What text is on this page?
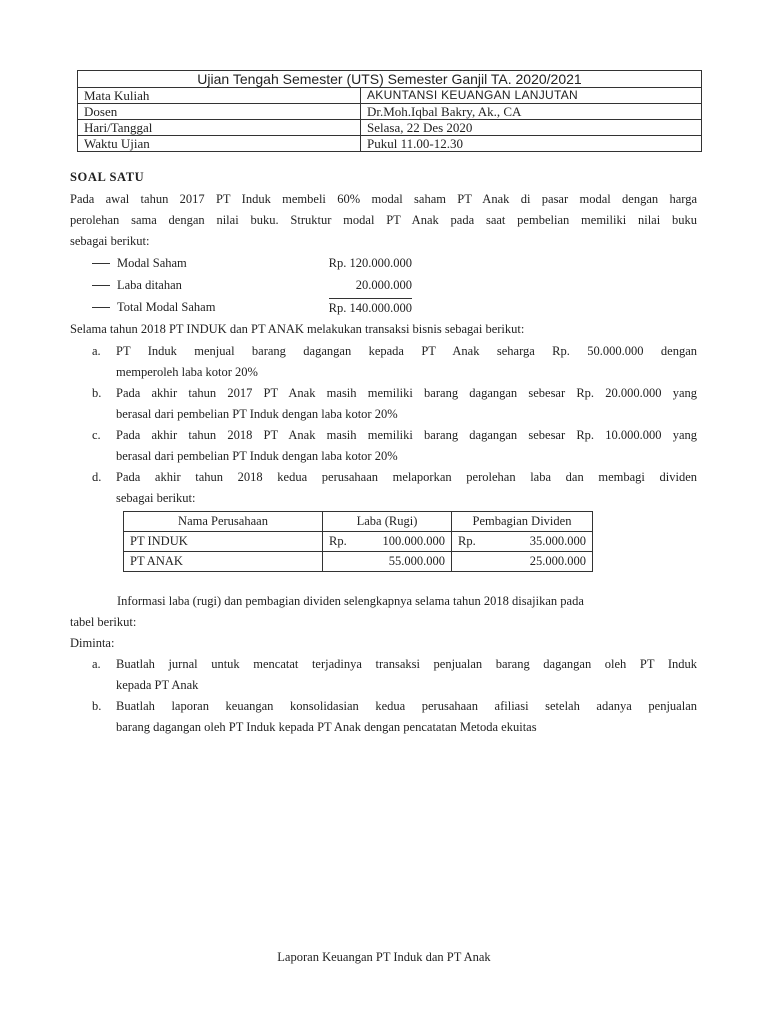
Ujian Tengah Semester (UTS) Semester Ganjil TA. 2020/2021	
Mata Kuliah	AKUNTANSI KEUANGAN LANJUTAN
Dosen	Dr.Moh.Iqbal Bakry, Ak., CA
Hari/Tanggal	Selasa, 22 Des 2020
Waktu Ujian	Pukul 11.00-12.30
SOAL SATU
Pada awal tahun 2017 PT Induk membeli 60% modal saham PT Anak di pasar modal dengan harga
perolehan sama dengan nilai buku. Struktur modal PT Anak pada saat pembelian memiliki nilai buku
sebagai berikut:
Modal Saham	Rp. 120.000.000
Laba ditahan	20.000.000
Total Modal Saham	Rp. 140.000.000
Selama tahun 2018 PT INDUK dan PT ANAK melakukan transaksi bisnis sebagai berikut:
a. PT Induk menjual barang dagangan kepada PT Anak seharga Rp. 50.000.000 dengan
memperoleh laba kotor 20%
b. Pada akhir tahun 2017 PT Anak masih memiliki barang dagangan sebesar Rp. 20.000.000 yang
berasal dari pembelian PT Induk dengan laba kotor 20%
c. Pada akhir tahun 2018 PT Anak masih memiliki barang dagangan sebesar Rp. 10.000.000 yang
berasal dari pembelian PT Induk dengan laba kotor 20%
d. Pada akhir tahun 2018 kedua perusahaan melaporkan perolehan laba dan membagi dividen
sebagai berikut:
Nama Perusahaan	Laba (Rugi)	Pembagian Dividen
PT INDUK	Rp. 100.000.000	Rp. 35.000.000
PT ANAK	55.000.000	25.000.000
Informasi laba (rugi) dan pembagian dividen selengkapnya selama tahun 2018 disajikan pada
tabel berikut:
Diminta:
a. Buatlah jurnal untuk mencatat terjadinya transaksi penjualan barang dagangan oleh PT Induk
kepada PT Anak
b. Buatlah laporan keuangan konsolidasian kedua perusahaan afiliasi setelah adanya penjualan
barang dagangan oleh PT Induk kepada PT Anak dengan pencatatan Metoda ekuitas
Laporan Keuangan PT Induk dan PT Anak
